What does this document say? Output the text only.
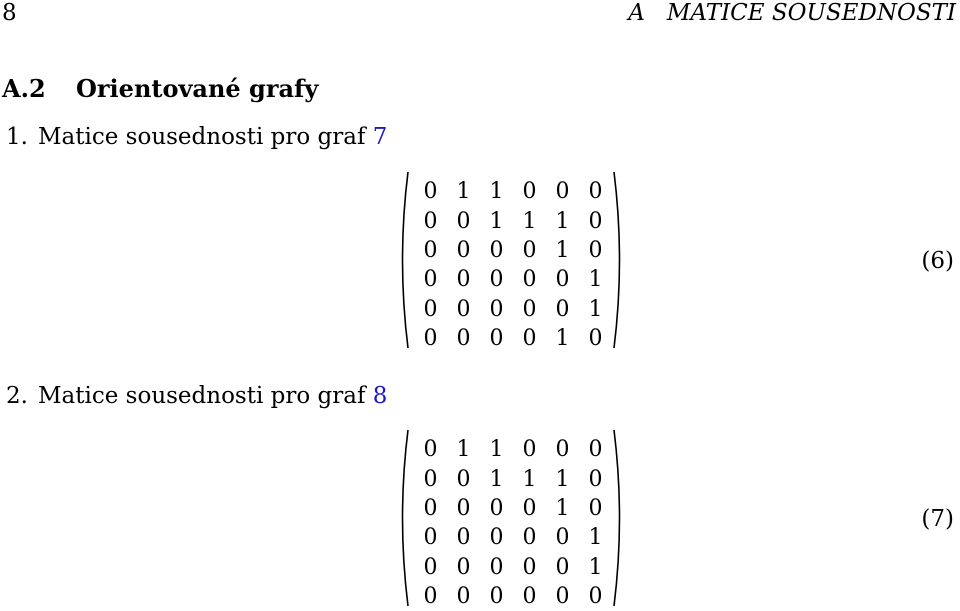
8	A   MATICE SOUSEDNOSTI
A.2 Orientované grafy
1. Matice sousednosti pro graf 7
0	1	1	0	0	0
0	0	1	1	1	0
0	0	0	0	1	0
0	0	0	0	0	1
0	0	0	0	0	1
0	0	0	0	1	0
(6)
2. Matice sousednosti pro graf 8
0	1	1	0	0	0
0	0	1	1	1	0
0	0	0	0	1	0
0	0	0	0	0	1
0	0	0	0	0	1
0	0	0	0	0	0
(7)
